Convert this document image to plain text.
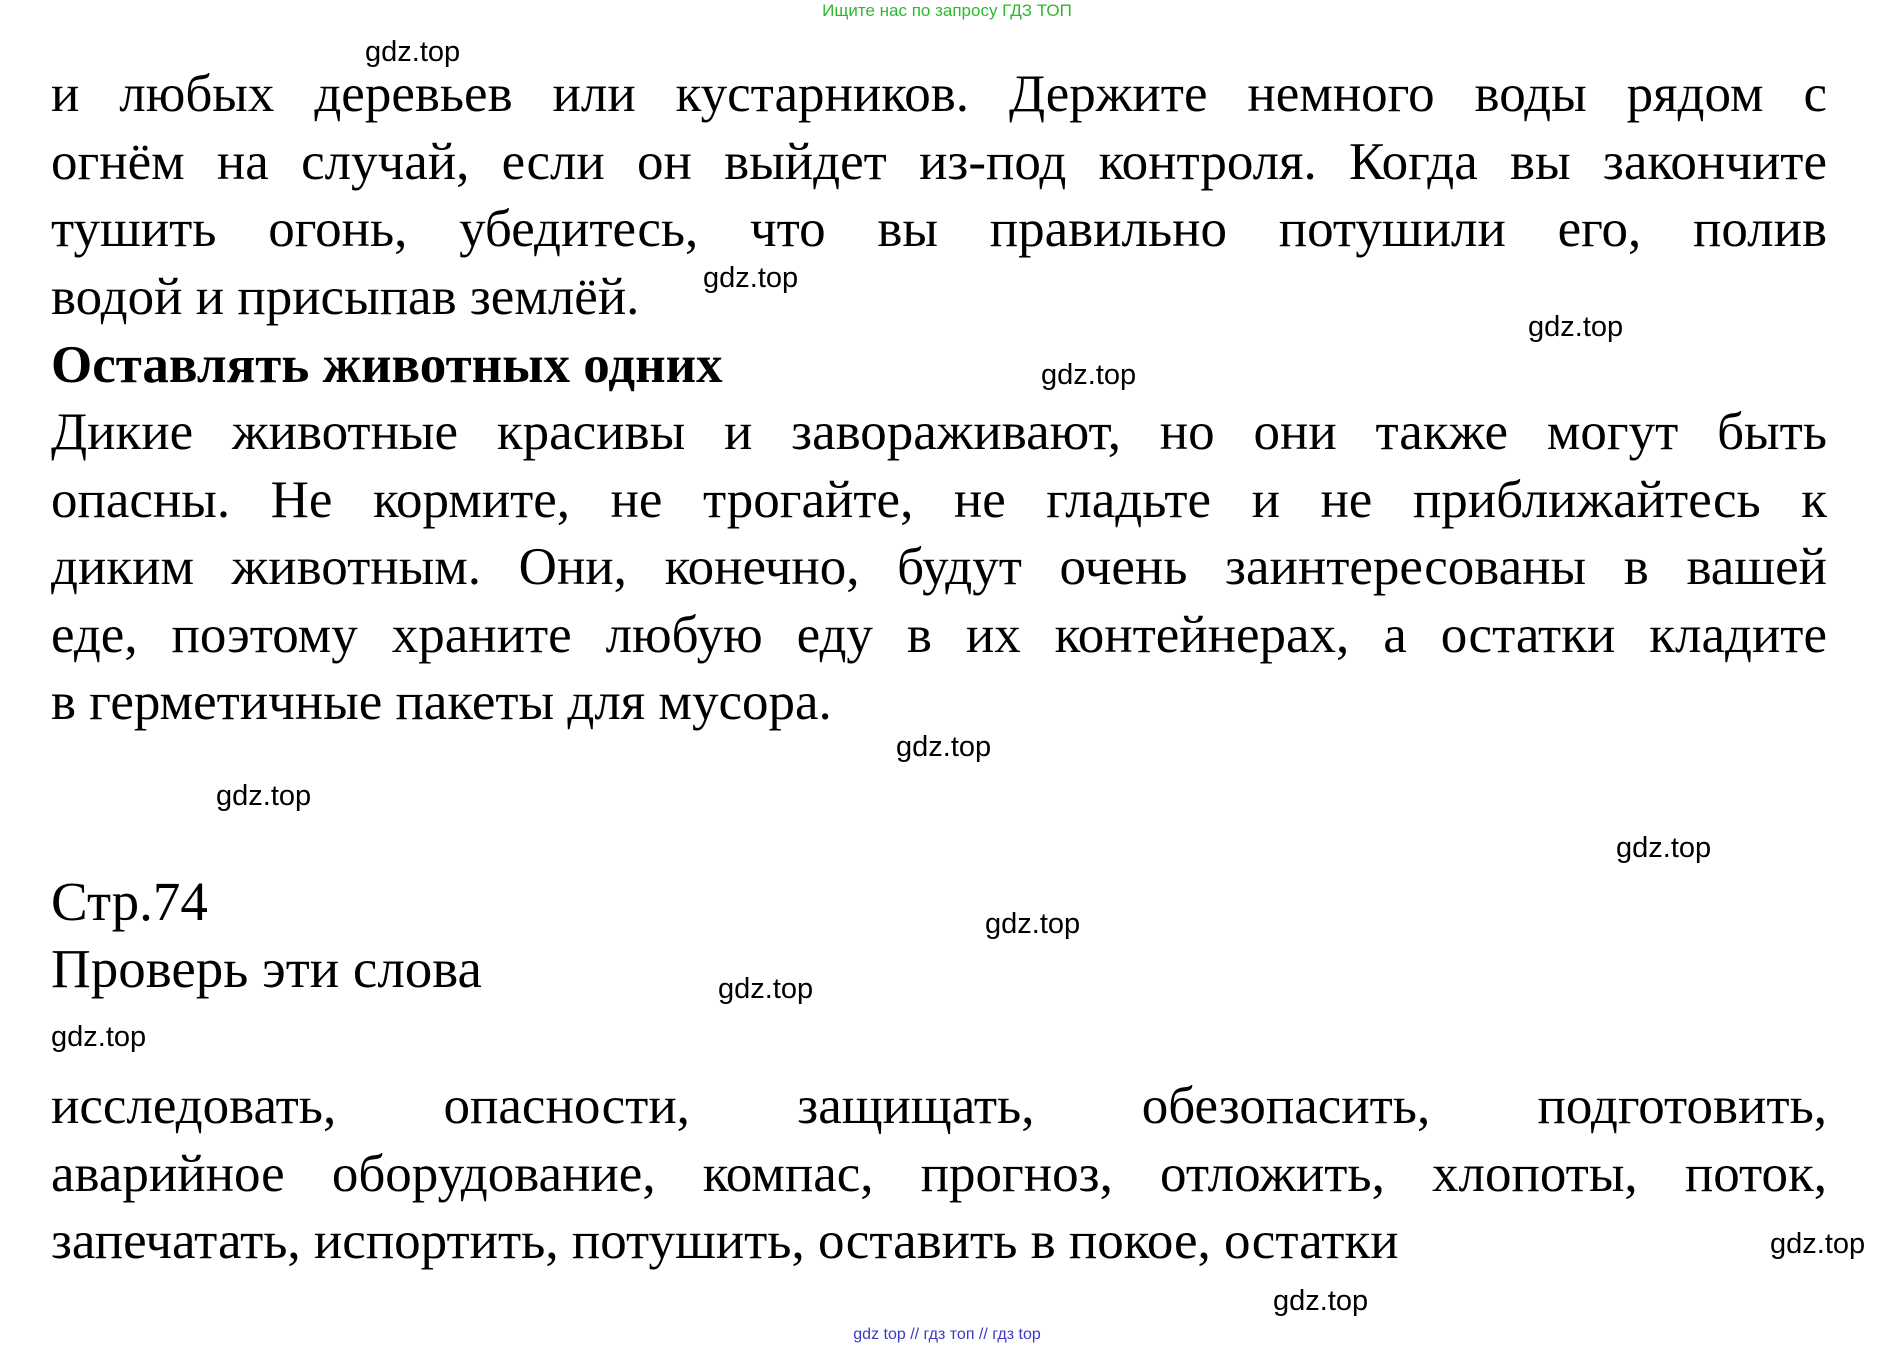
Ищите нас по запросу ГДЗ ТОП
и любых деревьев или кустарников. Держите немного воды рядом с
огнём на случай, если он выйдет из-под контроля. Когда вы закончите
тушить огонь, убедитесь, что вы правильно потушили его, полив
водой и присыпав землёй.
Оставлять животных одних
Дикие животные красивы и завораживают, но они также могут быть
опасны. Не кормите, не трогайте, не гладьте и не приближайтесь к
диким животным. Они, конечно, будут очень заинтересованы в вашей
еде, поэтому храните любую еду в их контейнерах, а остатки кладите
в герметичные пакеты для мусора.
Стр.74
Проверь эти слова
исследовать, опасности, защищать, обезопасить, подготовить,
аварийное оборудование, компас, прогноз, отложить, хлопоты, поток,
запечатать, испортить, потушить, оставить в покое, остатки
gdz.top
gdz.top
gdz.top
gdz.top
gdz.top
gdz.top
gdz.top
gdz.top
gdz.top
gdz.top
gdz.top
gdz.top
gdz top // гдз топ // гдз top
